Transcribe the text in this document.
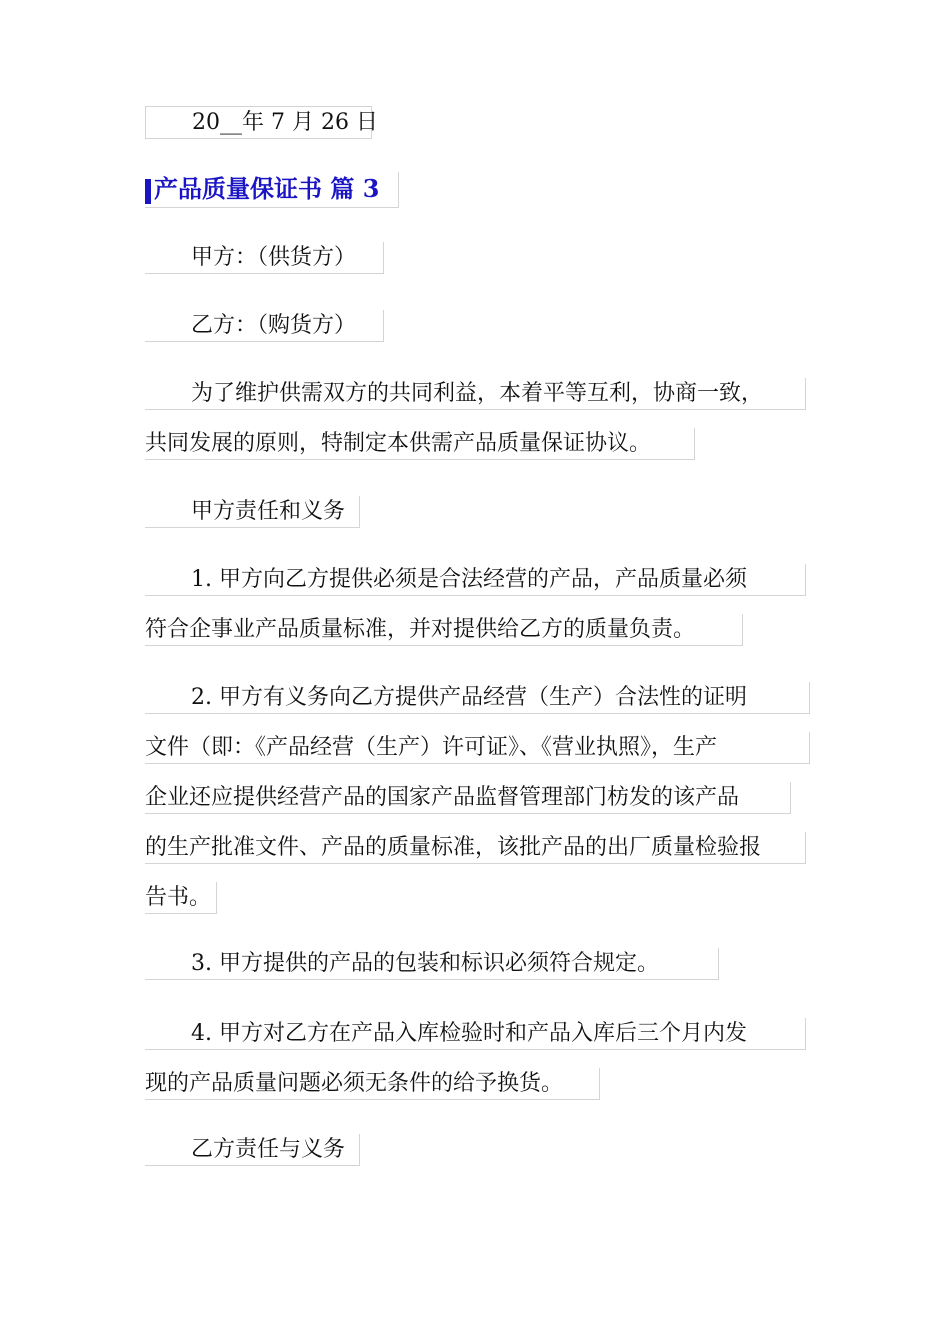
20__年 7 月 26 日
产品质量保证书 篇 3
甲方：（供货方）
乙方：（购货方）
为了维护供需双方的共同利益，本着平等互利，协商一致，
共同发展的原则，特制定本供需产品质量保证协议。
甲方责任和义务
1. 甲方向乙方提供必须是合法经营的产品，产品质量必须
符合企事业产品质量标准，并对提供给乙方的质量负责。
2. 甲方有义务向乙方提供产品经营（生产）合法性的证明
文件（即：《产品经营（生产）许可证》、《营业执照》，生产
企业还应提供经营产品的国家产品监督管理部门枋发的该产品
的生产批准文件、产品的质量标准，该批产品的出厂质量检验报
告书。
3. 甲方提供的产品的包装和标识必须符合规定。
4. 甲方对乙方在产品入库检验时和产品入库后三个月内发
现的产品质量问题必须无条件的给予换货。
乙方责任与义务
